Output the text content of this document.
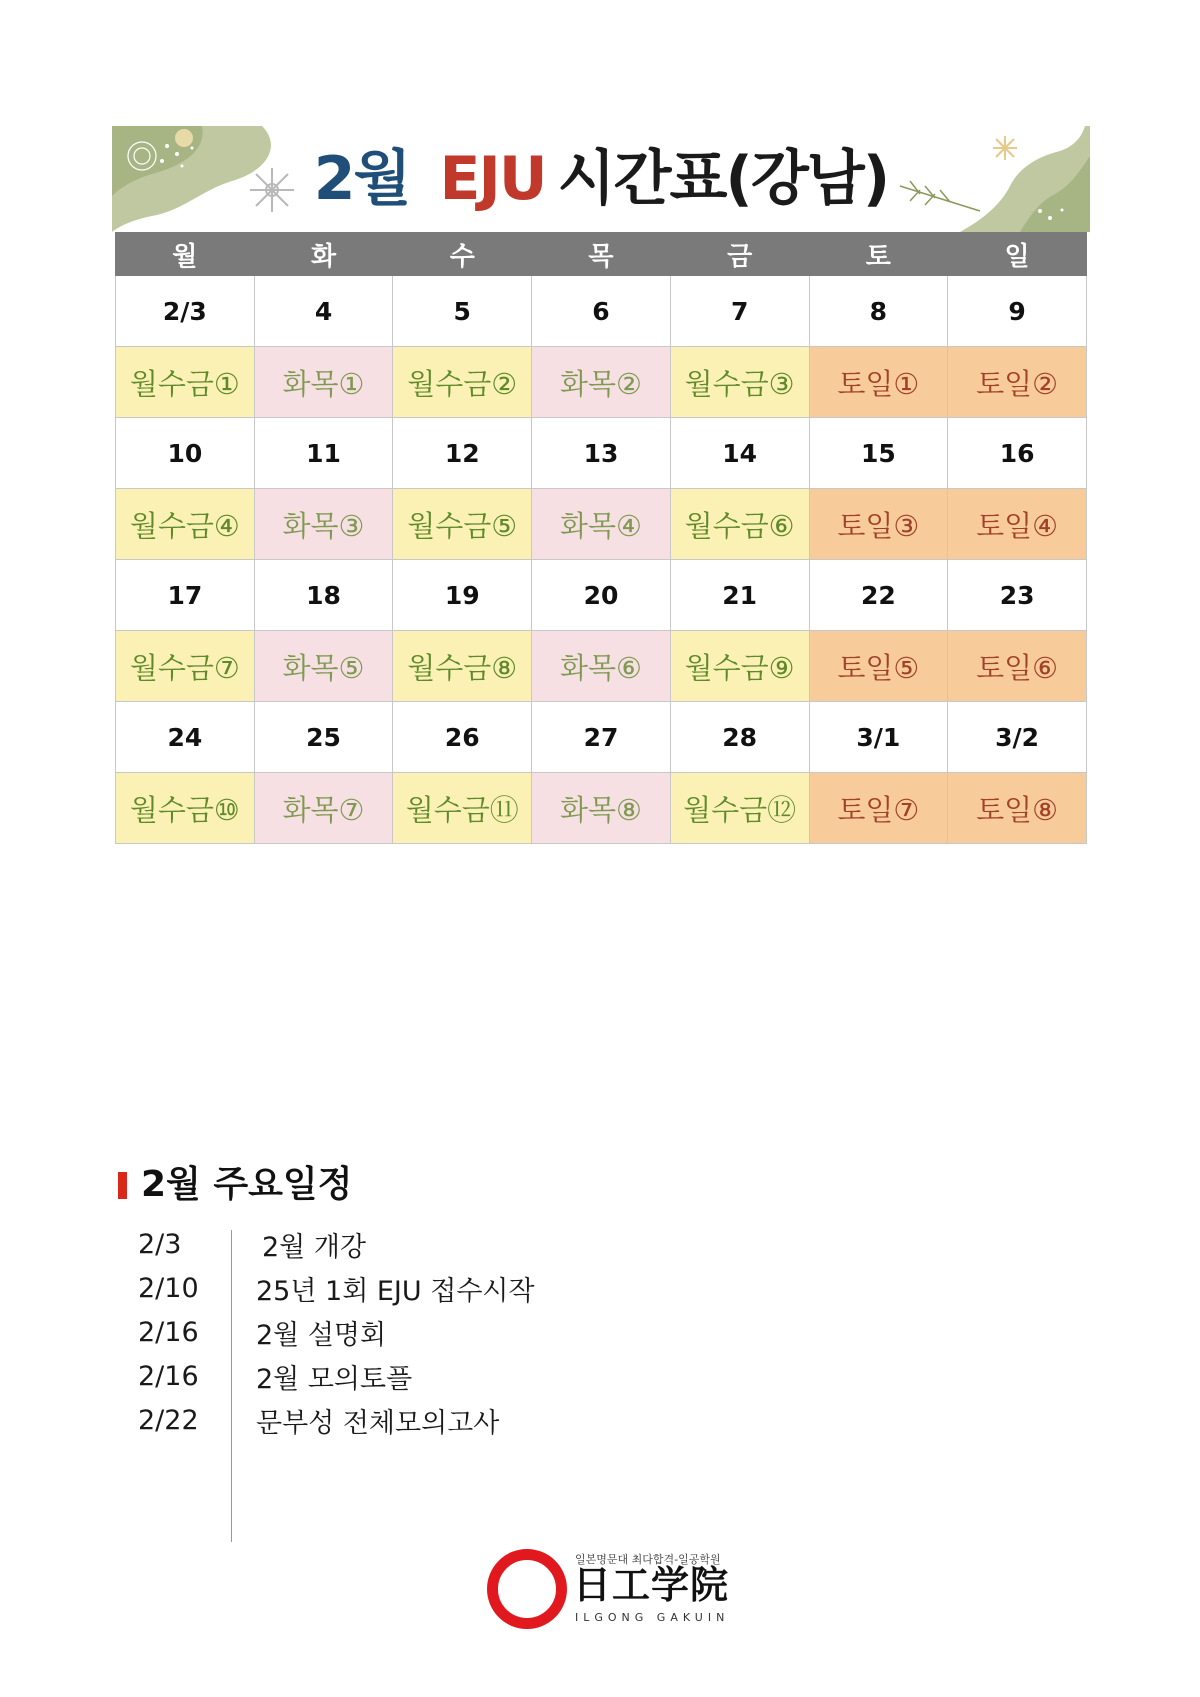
2월 EJU 시간표(강남)
월	화	수	목	금	토	일
2/3	4	5	6	7	8	9
월수금①	화목①	월수금②	화목②	월수금③	토일①	토일②
10	11	12	13	14	15	16
월수금④	화목③	월수금⑤	화목④	월수금⑥	토일③	토일④
17	18	19	20	21	22	23
월수금⑦	화목⑤	월수금⑧	화목⑥	월수금⑨	토일⑤	토일⑥
24	25	26	27	28	3/1	3/2
월수금⑩	화목⑦	월수금⑪	화목⑧	월수금⑫	토일⑦	토일⑧
2월 주요일정
2/3	2월 개강
2/10	25년 1회 EJU 접수시작
2/16	2월 설명회
2/16	2월 모의토플
2/22	문부성 전체모의고사
일본명문대 최다합격-일공학원
日工学院
ILGONG GAKUIN
